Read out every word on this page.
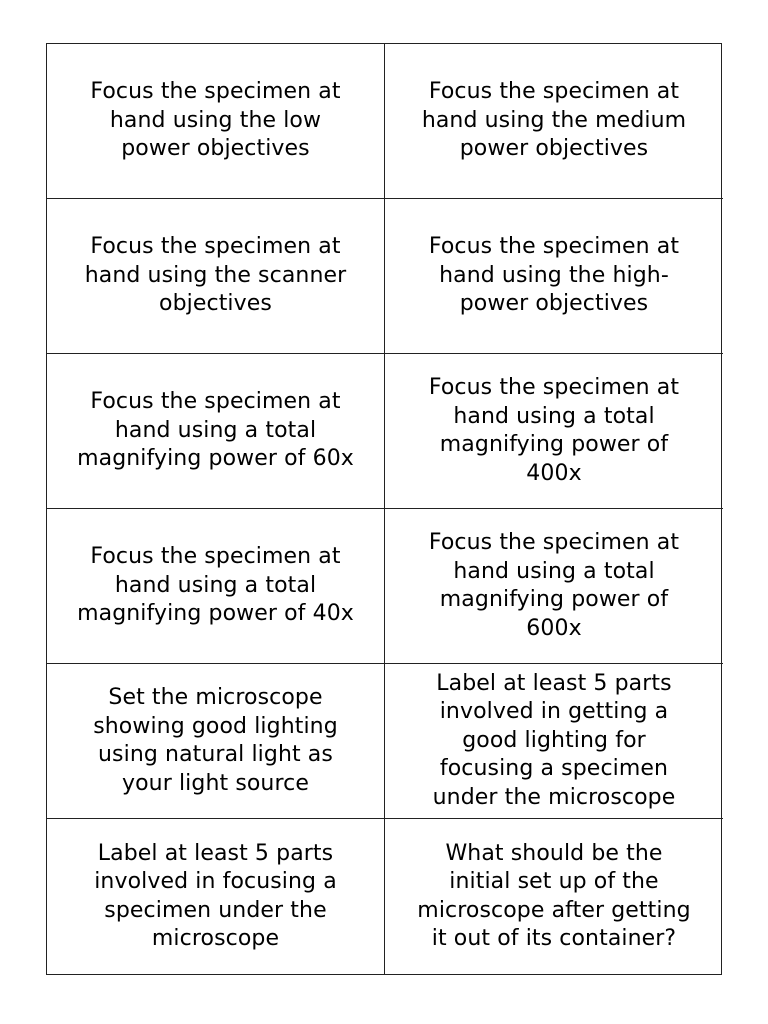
Focus the specimen at
hand using the low
power objectives
Focus the specimen at
hand using the medium
power objectives
Focus the specimen at
hand using the scanner
objectives
Focus the specimen at
hand using the high-
power objectives
Focus the specimen at
hand using a total
magnifying power of 60x
Focus the specimen at
hand using a total
magnifying power of
400x
Focus the specimen at
hand using a total
magnifying power of 40x
Focus the specimen at
hand using a total
magnifying power of
600x
Set the microscope
showing good lighting
using natural light as
your light source
Label at least 5 parts
involved in getting a
good lighting for
focusing a specimen
under the microscope
Label at least 5 parts
involved in focusing a
specimen under the
microscope
What should be the
initial set up of the
microscope after getting
it out of its container?
